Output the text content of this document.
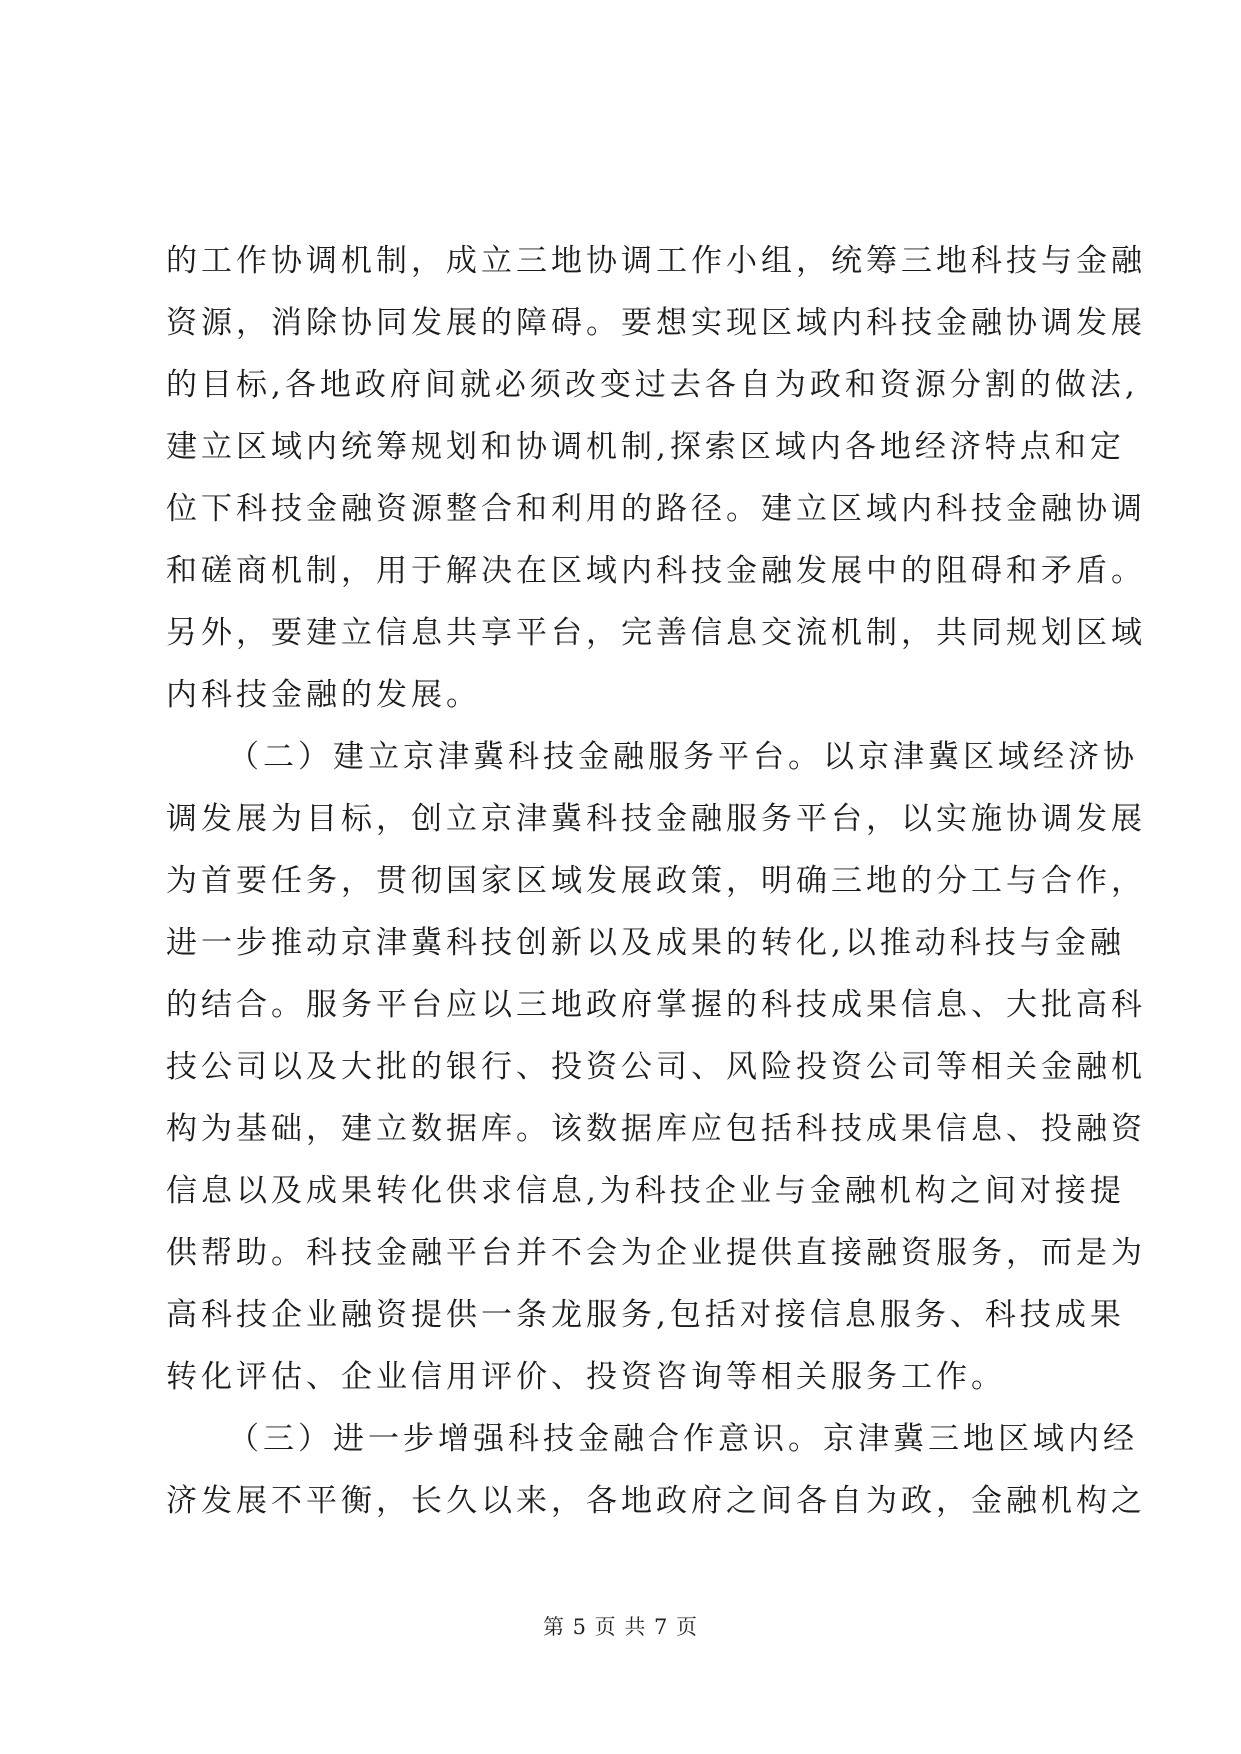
的工作协调机制，成立三地协调工作小组，统筹三地科技与金融
资源，消除协同发展的障碍。要想实现区域内科技金融协调发展
的目标,各地政府间就必须改变过去各自为政和资源分割的做法,
建立区域内统筹规划和协调机制,探索区域内各地经济特点和定
位下科技金融资源整合和利用的路径。建立区域内科技金融协调
和磋商机制，用于解决在区域内科技金融发展中的阻碍和矛盾。
另外，要建立信息共享平台，完善信息交流机制，共同规划区域
内科技金融的发展。
（二）建立京津冀科技金融服务平台。以京津冀区域经济协
调发展为目标，创立京津冀科技金融服务平台，以实施协调发展
为首要任务，贯彻国家区域发展政策，明确三地的分工与合作，
进一步推动京津冀科技创新以及成果的转化,以推动科技与金融
的结合。服务平台应以三地政府掌握的科技成果信息、大批高科
技公司以及大批的银行、投资公司、风险投资公司等相关金融机
构为基础，建立数据库。该数据库应包括科技成果信息、投融资
信息以及成果转化供求信息,为科技企业与金融机构之间对接提
供帮助。科技金融平台并不会为企业提供直接融资服务，而是为
高科技企业融资提供一条龙服务,包括对接信息服务、科技成果
转化评估、企业信用评价、投资咨询等相关服务工作。
（三）进一步增强科技金融合作意识。京津冀三地区域内经
济发展不平衡，长久以来，各地政府之间各自为政，金融机构之
第 5 页 共 7 页
